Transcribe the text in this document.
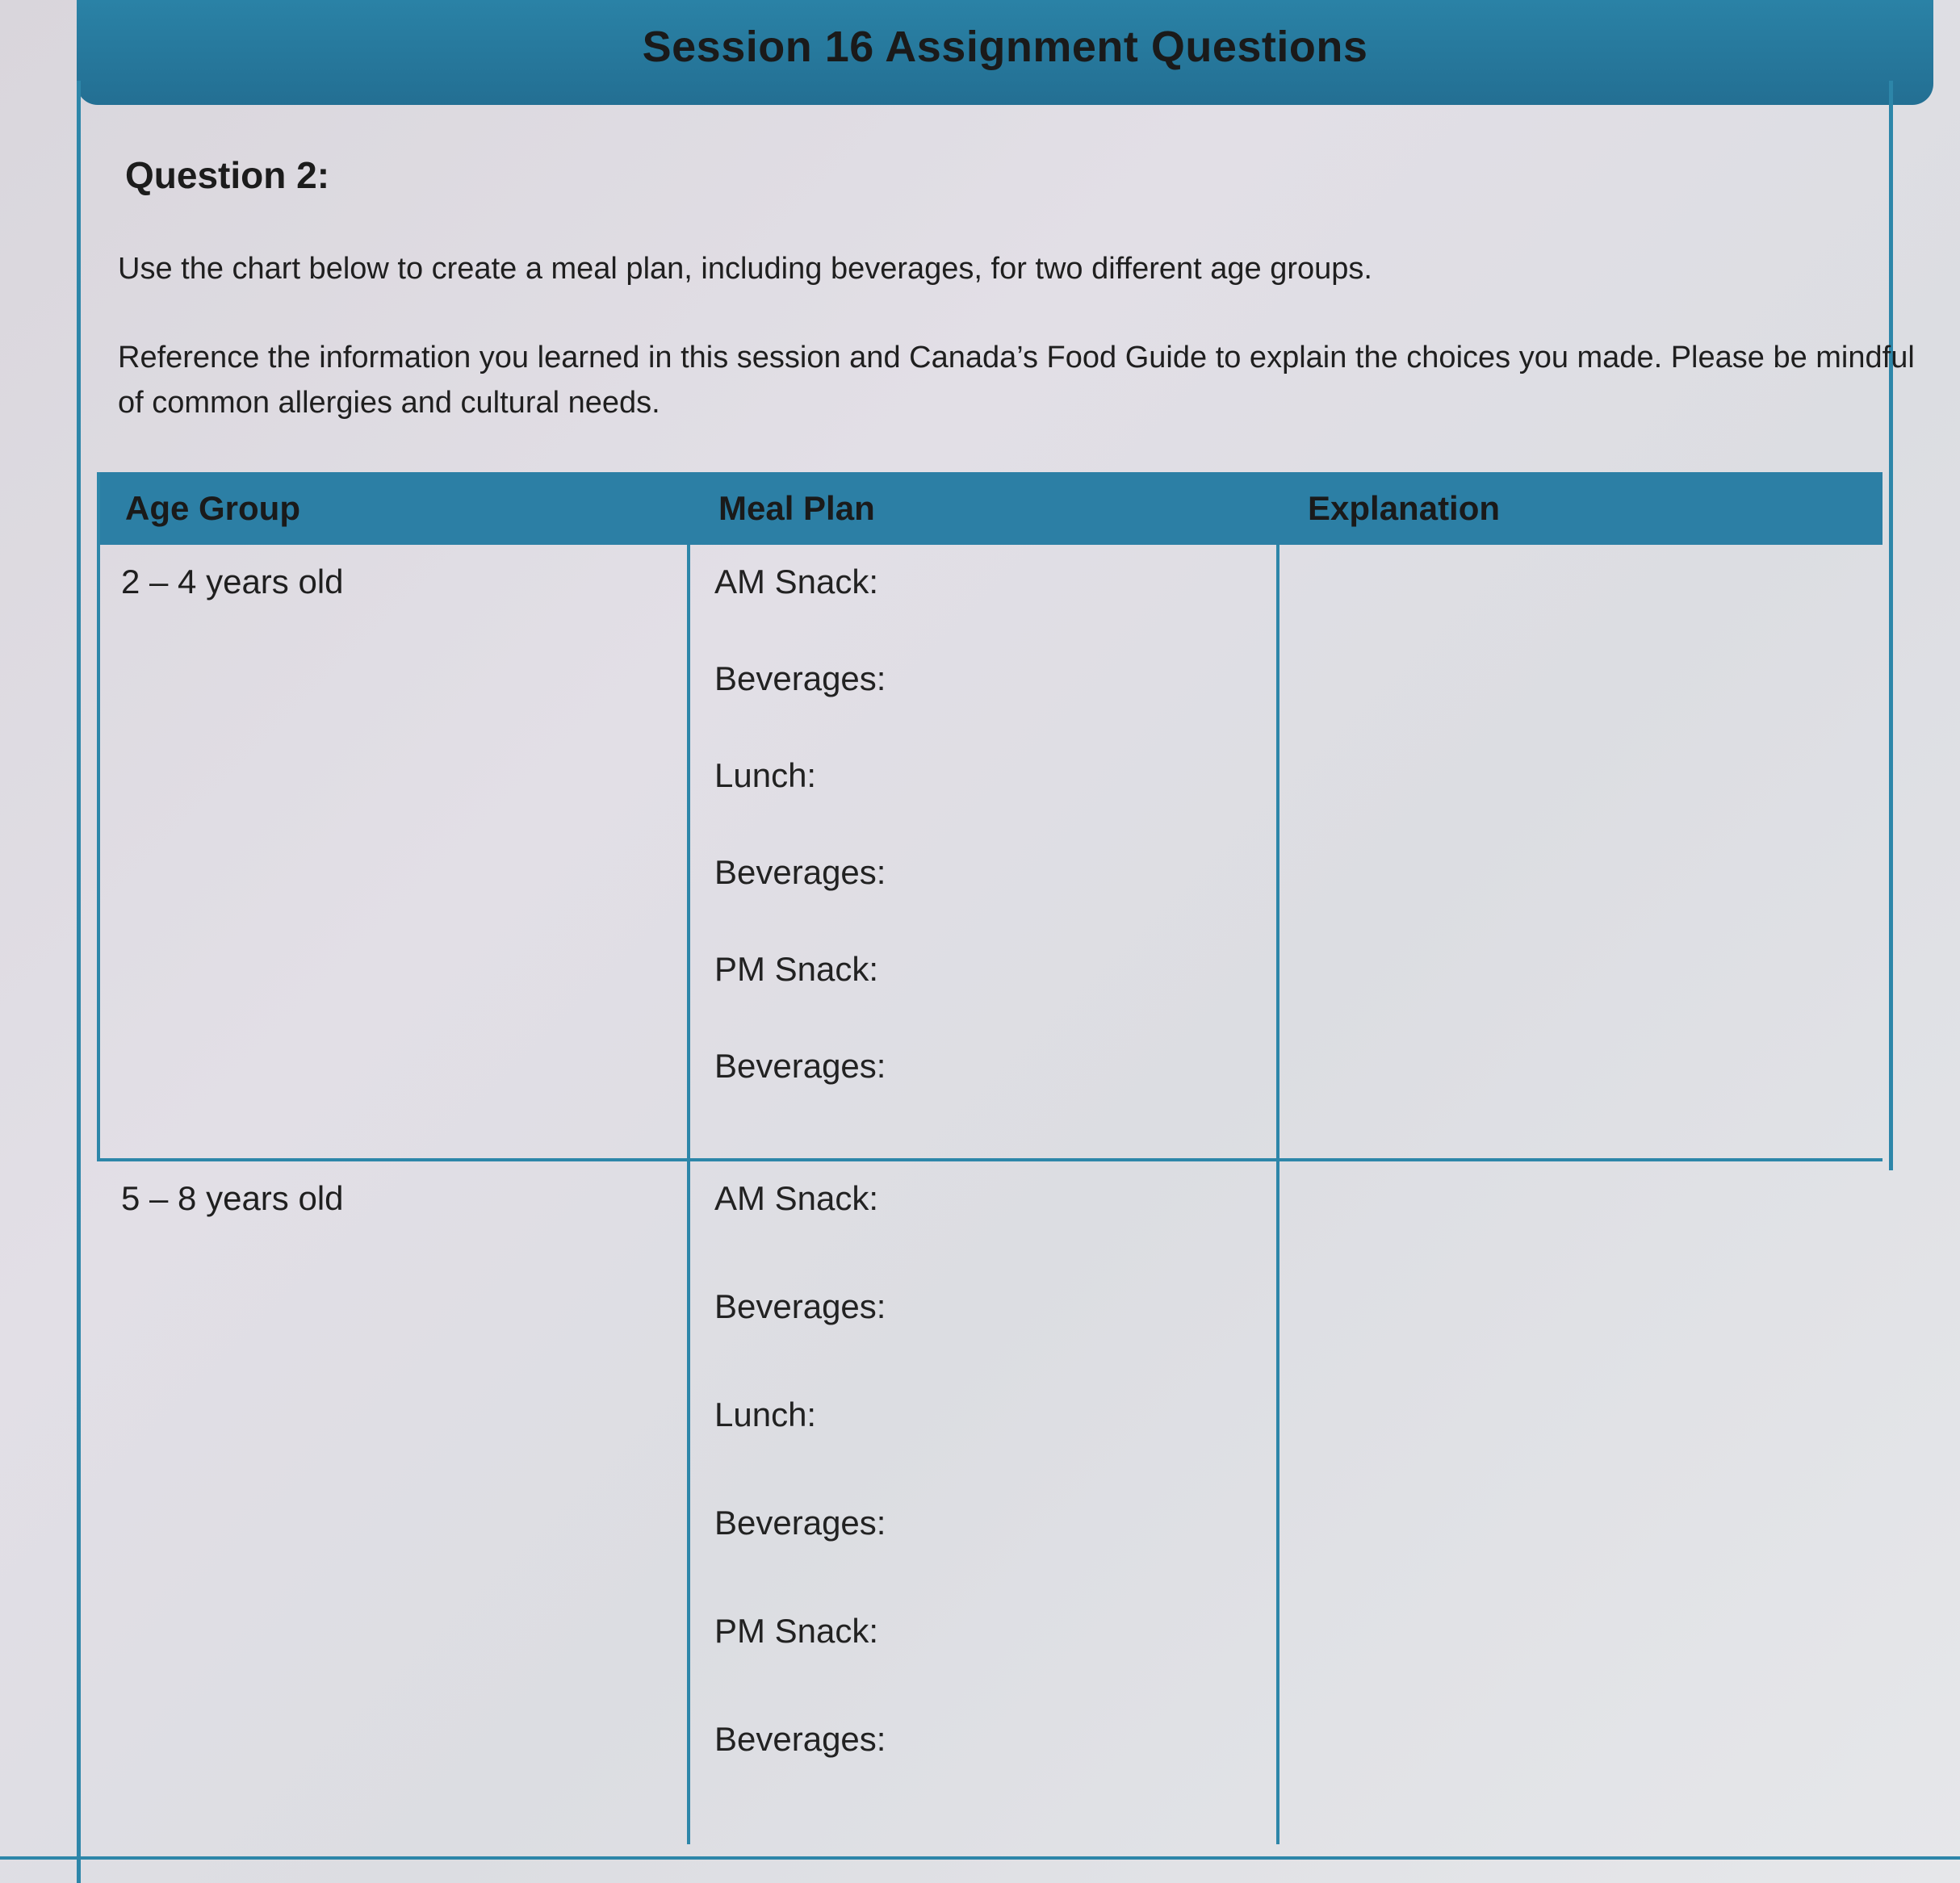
Session 16 Assignment Questions
Question 2:
Use the chart below to create a meal plan, including beverages, for two different age groups.
Reference the information you learned in this session and Canada’s Food Guide to explain the choices you made. Please be mindful of common allergies and cultural needs.
Age Group	Meal Plan	Explanation
2 – 4 years old	AM Snack:
Beverages:
Lunch:
Beverages:
PM Snack:
Beverages:
5 – 8 years old	AM Snack:
Beverages:
Lunch:
Beverages:
PM Snack:
Beverages:
